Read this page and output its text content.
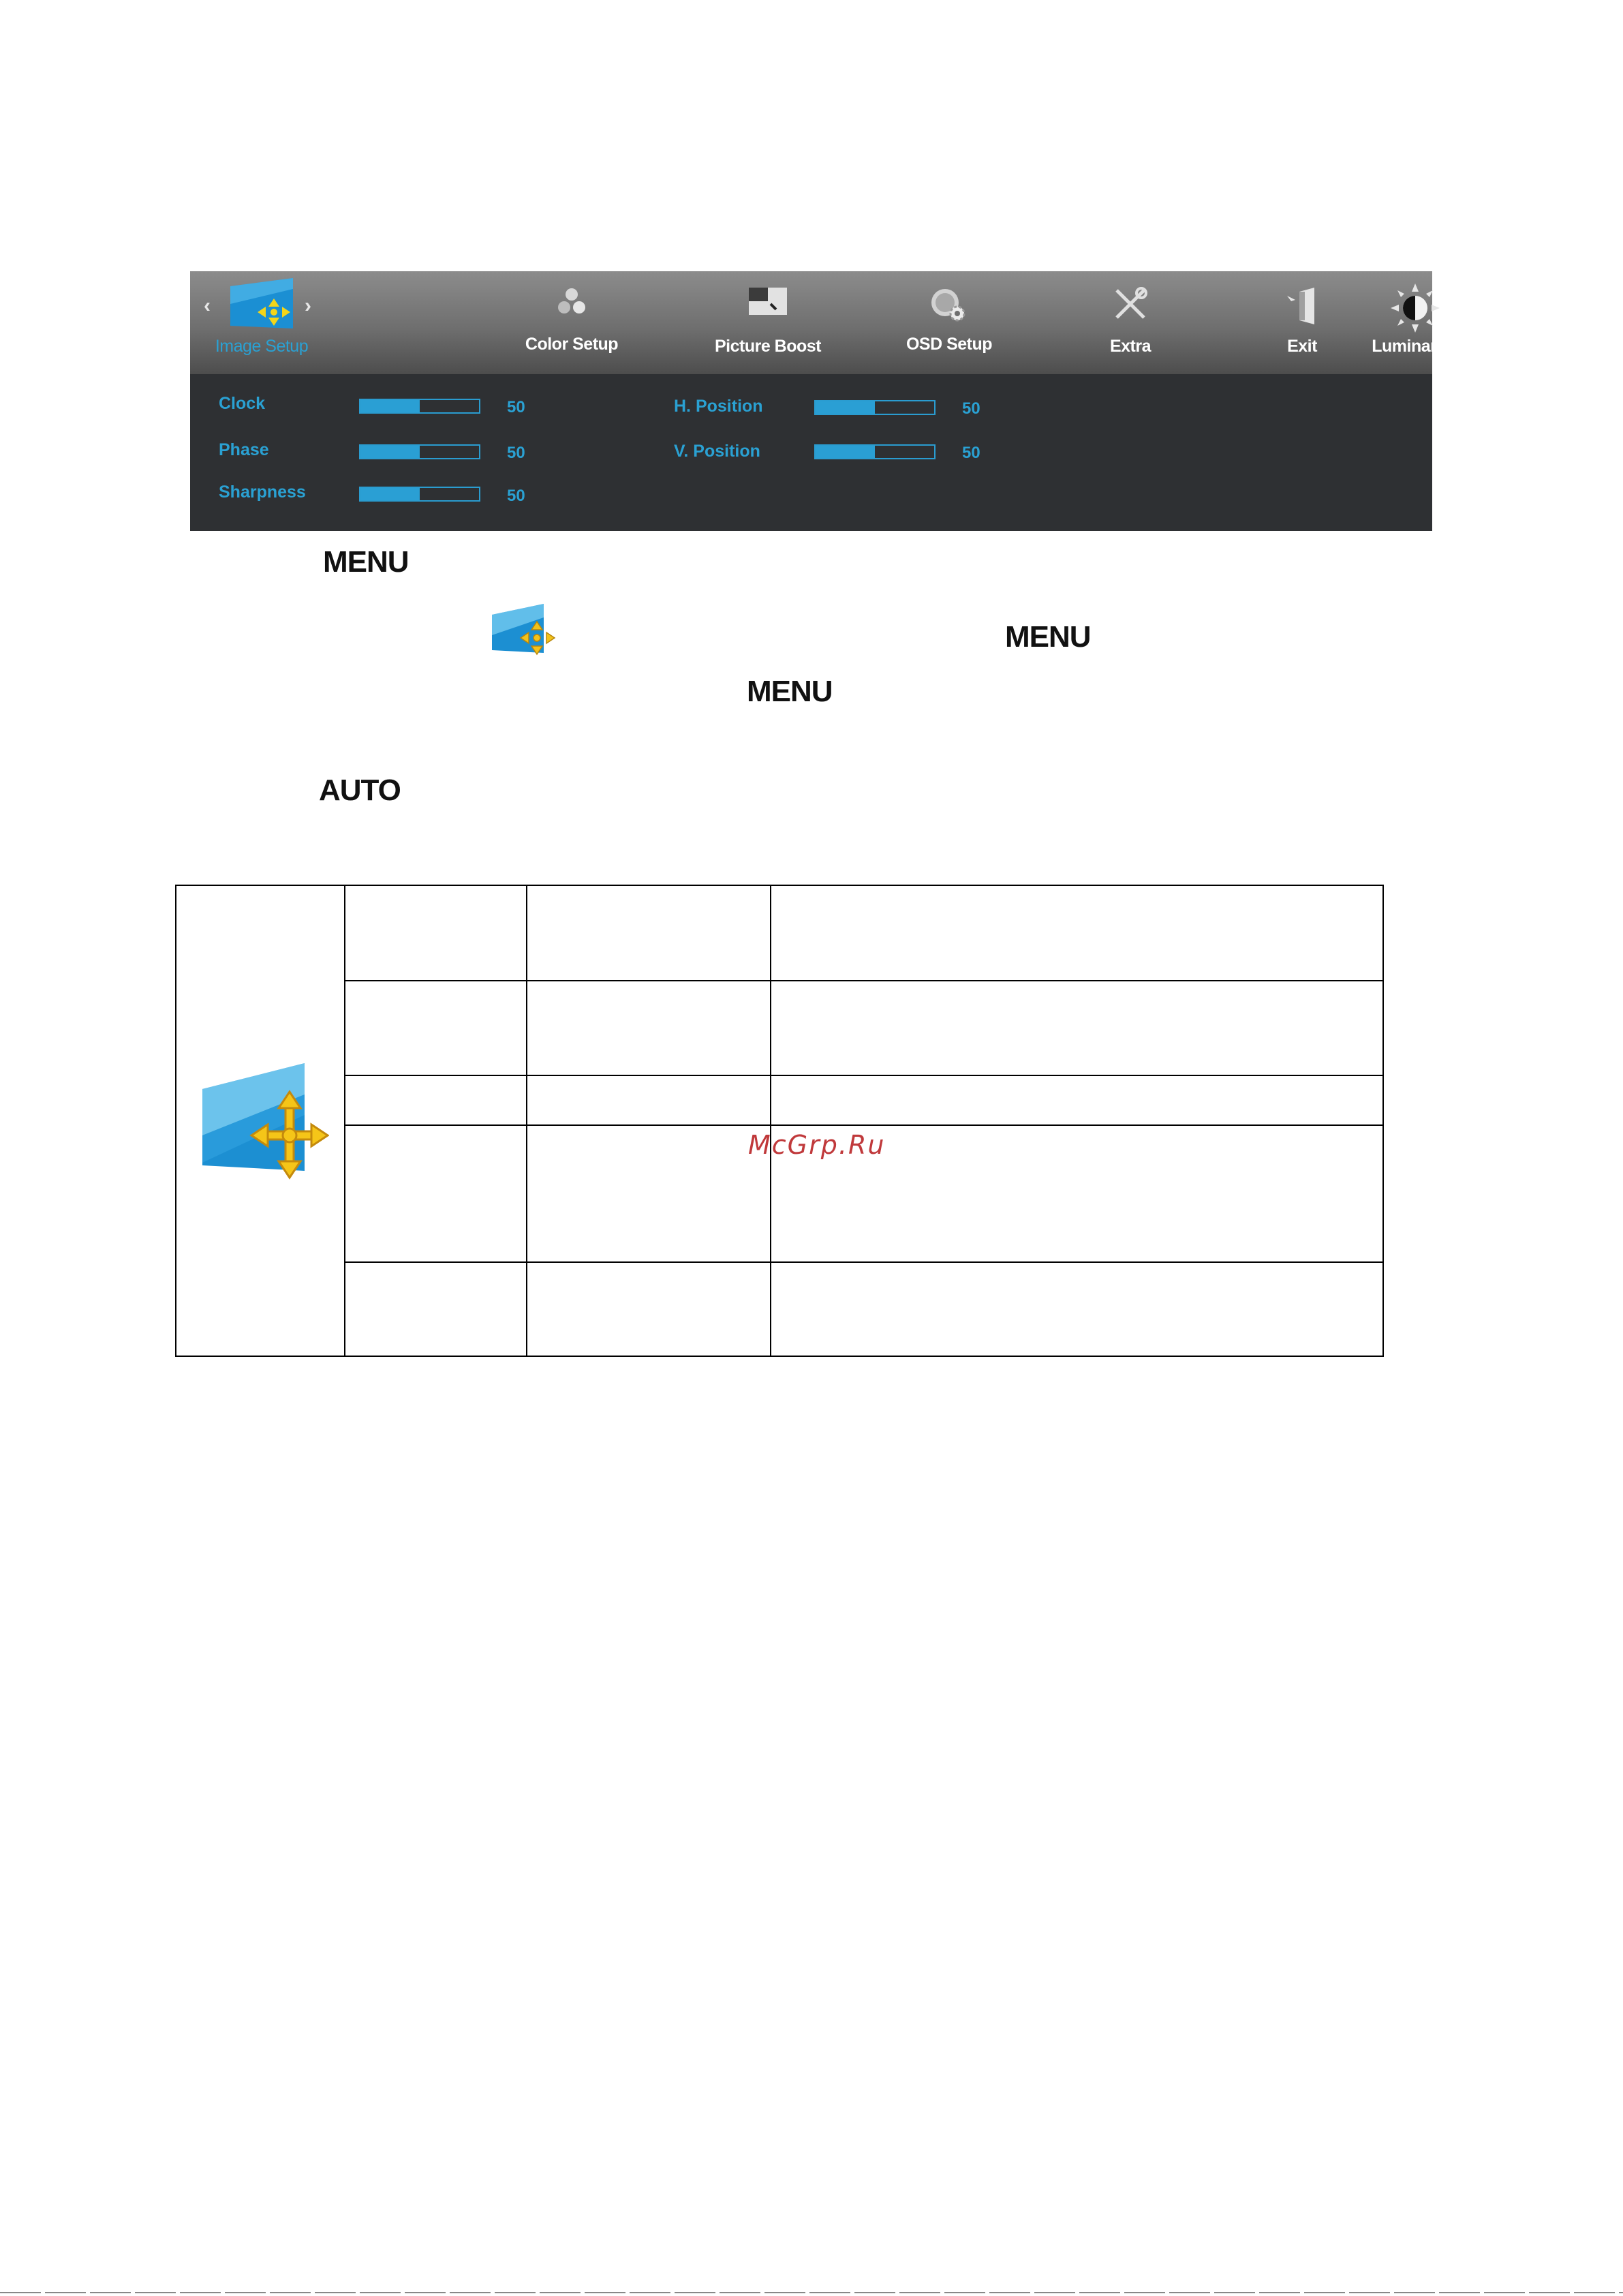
‹	›
Image Setup	Color Setup	Picture Boost	OSD Setup	Extra	Exit	Luminance
Clock	50
Phase	50
Sharpness	50
H. Position	50
V. Position	50
MENU
MENU
MENU
AUTO
McGrp.Ru
